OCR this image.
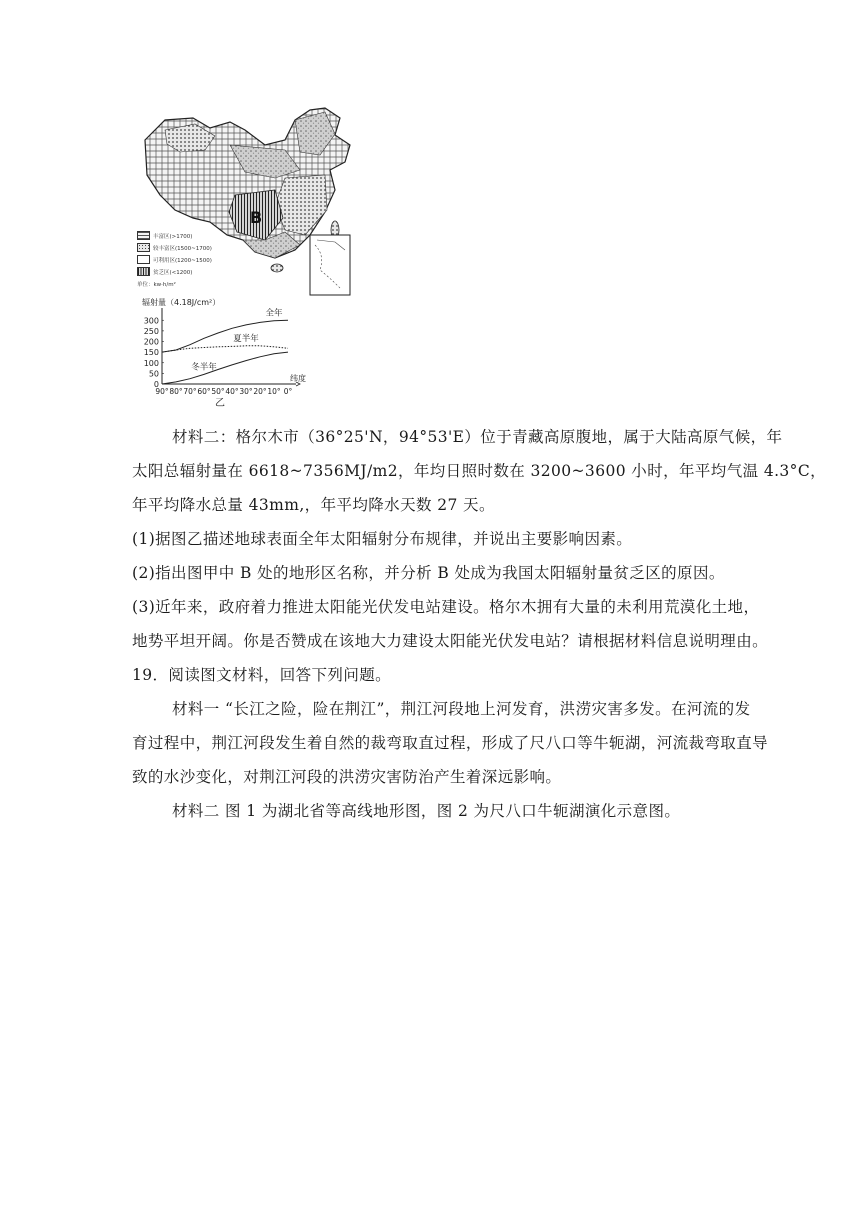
B
丰富区(>1700)
较丰富区(1500~1700)
可利用区(1200~1500)
贫乏区(<1200)
单位：kw·h/m²
辐射量（4.18J/cm²）
0
50
100
150
200
250
300
90° 80° 70° 60° 50° 40° 30° 20° 10° 0°
纬度
乙
全年
夏半年
冬半年
材料二：格尔木市（36°25'N，94°53'E）位于青藏高原腹地，属于大陆高原气候，年
太阳总辐射量在 6618~7356MJ/m2，年均日照时数在 3200~3600 小时，年平均气温 4.3°C，
年平均降水总量 43mm,，年平均降水天数 27 天。
(1)据图乙描述地球表面全年太阳辐射分布规律，并说出主要影响因素。
(2)指出图甲中 B 处的地形区名称，并分析 B 处成为我国太阳辐射量贫乏区的原因。
(3)近年来，政府着力推进太阳能光伏发电站建设。格尔木拥有大量的未利用荒漠化土地，
地势平坦开阔。你是否赞成在该地大力建设太阳能光伏发电站？请根据材料信息说明理由。
19．阅读图文材料，回答下列问题。
材料一 “长江之险，险在荆江”，荆江河段地上河发育，洪涝灾害多发。在河流的发
育过程中，荆江河段发生着自然的裁弯取直过程，形成了尺八口等牛轭湖，河流裁弯取直导
致的水沙变化，对荆江河段的洪涝灾害防治产生着深远影响。
材料二 图 1 为湖北省等高线地形图，图 2 为尺八口牛轭湖演化示意图。
